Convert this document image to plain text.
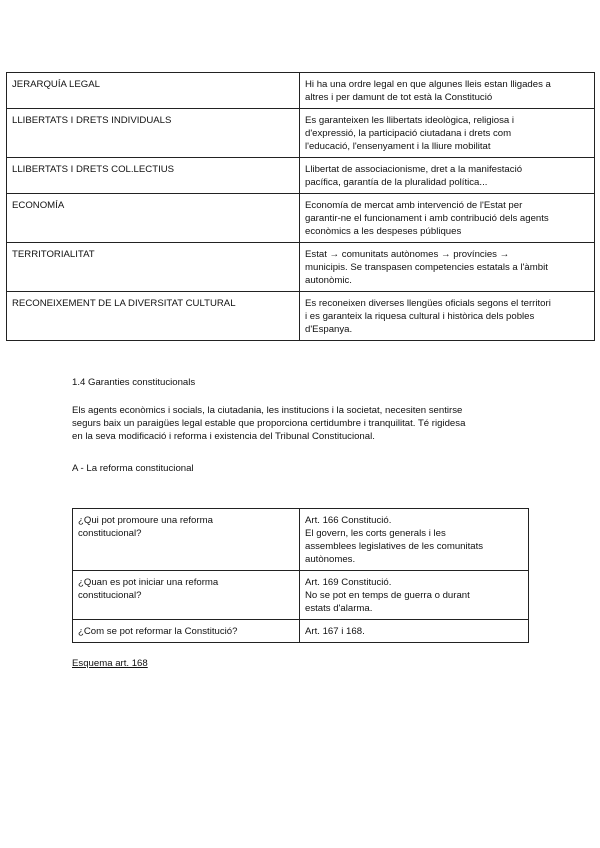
JERARQUÍA LEGAL	Hi ha una ordre legal en que algunes lleis estan lligades a
altres i per damunt de tot està la Constitució

LLIBERTATS I DRETS INDIVIDUALS	Es garanteixen les llibertats ideològica, religiosa i
d'expressió, la participació ciutadana i drets com
l'educació, l'ensenyament i la lliure mobilitat

LLIBERTATS I DRETS COL.LECTIUS	Llibertat de associacionisme, dret a la manifestació
pacífica, garantía de la pluralidad política...

ECONOMÍA	Economía de mercat amb intervenció de l'Estat per
garantir-ne el funcionament i amb contribució dels agents
econòmics a les despeses públiques

TERRITORIALITAT	Estat → comunitats autònomes → províncies →
municipis. Se transpasen competencies estatals a l'àmbit
autonòmic.

RECONEIXEMENT DE LA DIVERSITAT CULTURAL	Es reconeixen diverses llengües oficials segons el territori
i es garanteix la riquesa cultural i històrica dels pobles
d'Espanya.
1.4 Garanties constitucionals
Els agents econòmics i socials, la ciutadania, les institucions i la societat, necesiten sentirse
segurs baix un paraigües legal estable que proporciona certidumbre i tranquilitat. Té rigidesa
en la seva modificació i reforma i existencia del Tribunal Constitucional.
A - La reforma constitucional
¿Qui pot promoure una reforma
constitucional?	Art. 166 Constitució.
El govern, les corts generals i les
assemblees legislatives de les comunitats
autònomes.

¿Quan es pot iniciar una reforma
constitucional?	Art. 169 Constitució.
No se pot en temps de guerra o durant
estats d'alarma.

¿Com se pot reformar la Constitució?	Art. 167 i 168.
Esquema art. 168
